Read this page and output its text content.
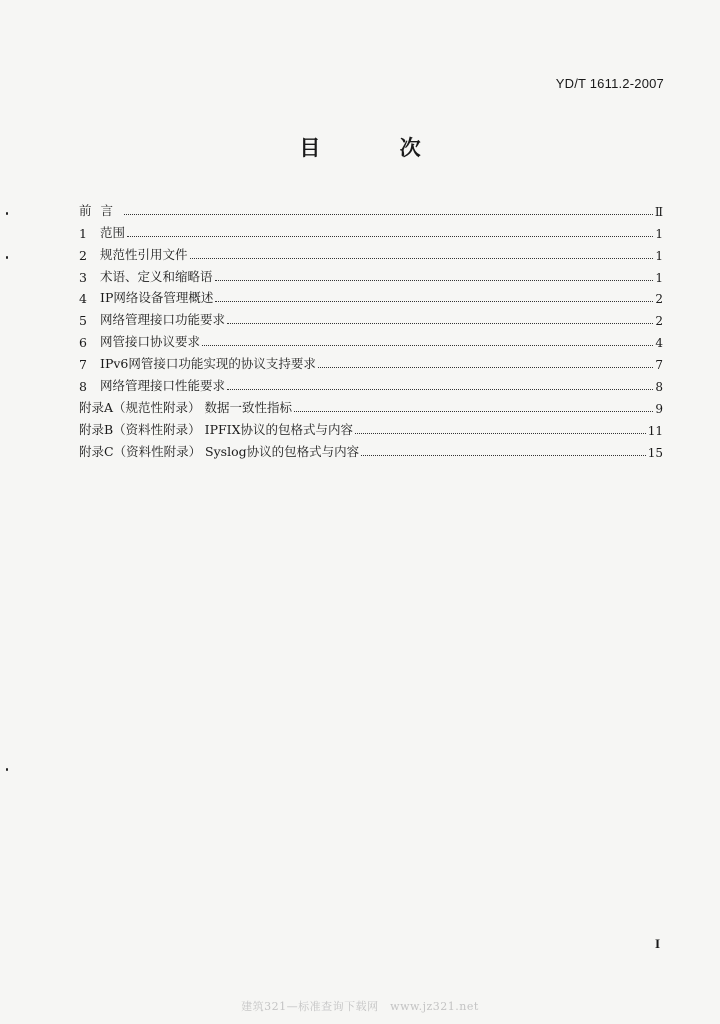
YD/T 1611.2-2007
目 次
前言	Ⅱ
1	范围	1
2	规范性引用文件	1
3	术语、定义和缩略语	1
4	IP网络设备管理概述	2
5	网络管理接口功能要求	2
6	网管接口协议要求	4
7	IPv6网管接口功能实现的协议支持要求	7
8	网络管理接口性能要求	8
附录A（规范性附录） 数据一致性指标	9
附录B（资料性附录） IPFIX协议的包格式与内容	11
附录C（资料性附录） Syslog协议的包格式与内容	15
I
建筑321—标准查询下载网　www.jz321.net
